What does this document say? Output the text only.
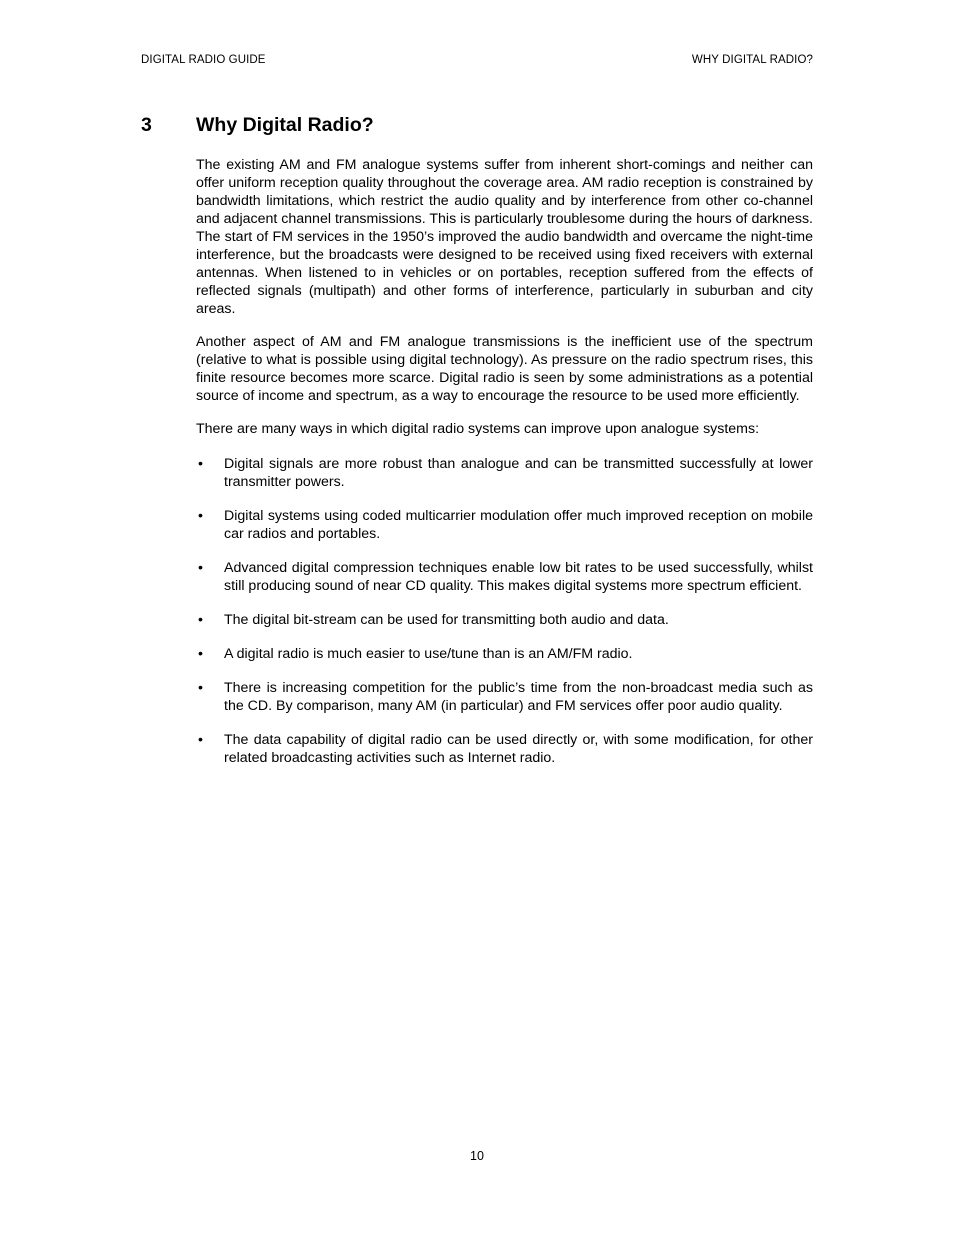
DIGITAL RADIO GUIDE	WHY DIGITAL RADIO?
3 Why Digital Radio?

The existing AM and FM analogue systems suffer from inherent short-comings and neither can offer uniform reception quality throughout the coverage area. AM radio reception is constrained by bandwidth limitations, which restrict the audio quality and by interference from other co-channel and adjacent channel transmissions. This is particularly troublesome during the hours of darkness. The start of FM services in the 1950’s improved the audio bandwidth and overcame the night-time interference, but the broadcasts were designed to be received using fixed receivers with external antennas. When listened to in vehicles or on portables, reception suffered from the effects of reflected signals (multipath) and other forms of interference, particularly in suburban and city areas.

Another aspect of AM and FM analogue transmissions is the inefficient use of the spectrum (relative to what is possible using digital technology). As pressure on the radio spectrum rises, this finite resource becomes more scarce. Digital radio is seen by some administrations as a potential source of income and spectrum, as a way to encourage the resource to be used more efficiently.

There are many ways in which digital radio systems can improve upon analogue systems:

• Digital signals are more robust than analogue and can be transmitted successfully at lower transmitter powers.
• Digital systems using coded multicarrier modulation offer much improved reception on mobile car radios and portables.
• Advanced digital compression techniques enable low bit rates to be used successfully, whilst still producing sound of near CD quality. This makes digital systems more spectrum efficient.
• The digital bit-stream can be used for transmitting both audio and data.
• A digital radio is much easier to use/tune than is an AM/FM radio.
• There is increasing competition for the public’s time from the non-broadcast media such as the CD. By comparison, many AM (in particular) and FM services offer poor audio quality.
• The data capability of digital radio can be used directly or, with some modification, for other related broadcasting activities such as Internet radio.
10
